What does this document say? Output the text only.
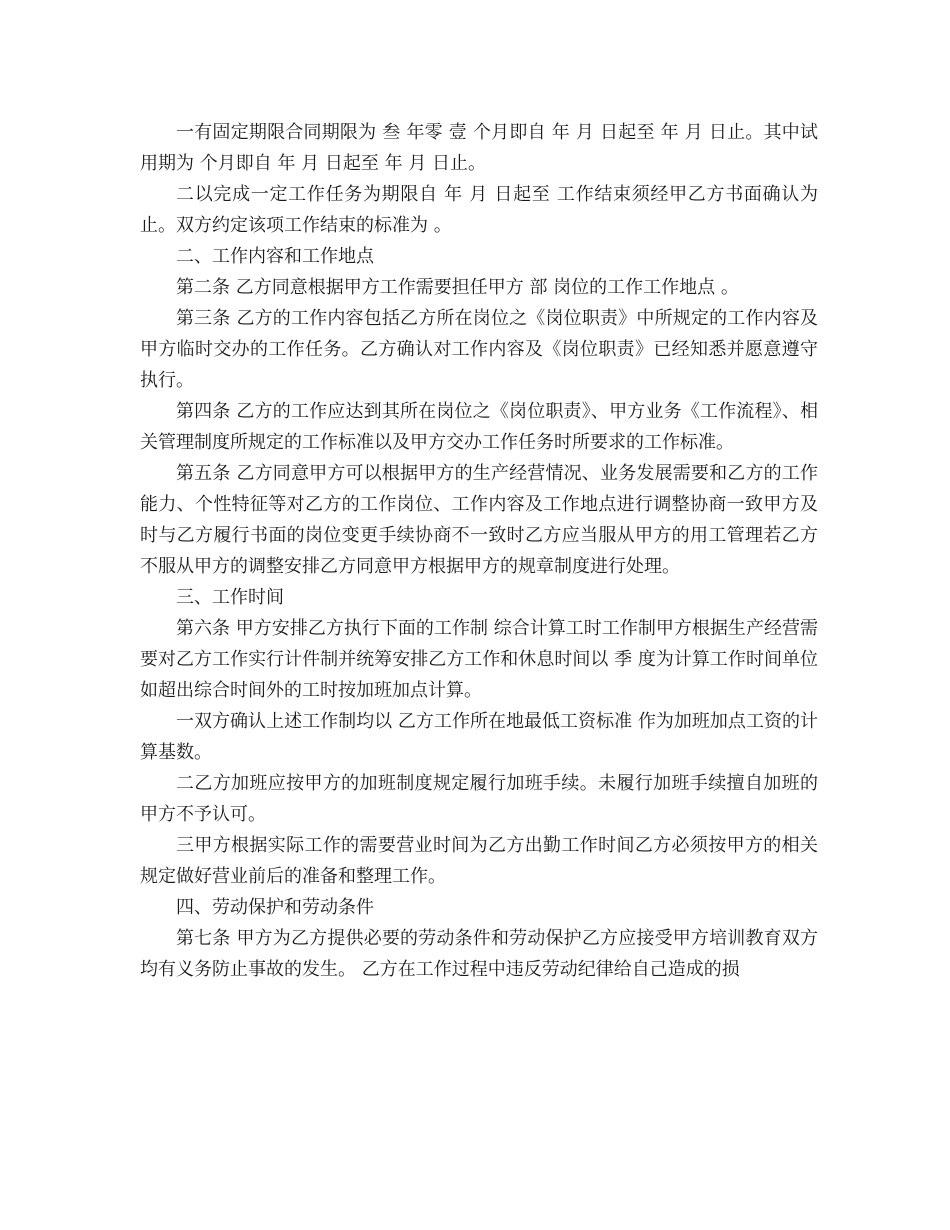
一有固定期限合同期限为 叁 年零 壹 个月即自 年 月 日起至 年 月 日止。其中试用期为 个月即自 年 月 日起至 年 月 日止。

二以完成一定工作任务为期限自 年 月 日起至 工作结束须经甲乙方书面确认为止。双方约定该项工作结束的标准为 。

二、工作内容和工作地点

第二条 乙方同意根据甲方工作需要担任甲方 部 岗位的工作工作地点 。

第三条 乙方的工作内容包括乙方所在岗位之《岗位职责》中所规定的工作内容及甲方临时交办的工作任务。乙方确认对工作内容及《岗位职责》已经知悉并愿意遵守执行。

第四条 乙方的工作应达到其所在岗位之《岗位职责》、甲方业务《工作流程》、相关管理制度所规定的工作标准以及甲方交办工作任务时所要求的工作标准。

第五条 乙方同意甲方可以根据甲方的生产经营情况、业务发展需要和乙方的工作能力、个性特征等对乙方的工作岗位、工作内容及工作地点进行调整协商一致甲方及时与乙方履行书面的岗位变更手续协商不一致时乙方应当服从甲方的用工管理若乙方不服从甲方的调整安排乙方同意甲方根据甲方的规章制度进行处理。

三、工作时间

第六条 甲方安排乙方执行下面的工作制 综合计算工时工作制甲方根据生产经营需要对乙方工作实行计件制并统筹安排乙方工作和休息时间以 季 度为计算工作时间单位如超出综合时间外的工时按加班加点计算。

一双方确认上述工作制均以 乙方工作所在地最低工资标准 作为加班加点工资的计算基数。

二乙方加班应按甲方的加班制度规定履行加班手续。未履行加班手续擅自加班的甲方不予认可。

三甲方根据实际工作的需要营业时间为乙方出勤工作时间乙方必须按甲方的相关规定做好营业前后的准备和整理工作。

四、劳动保护和劳动条件

第七条 甲方为乙方提供必要的劳动条件和劳动保护乙方应接受甲方培训教育双方均有义务防止事故的发生。 乙方在工作过程中违反劳动纪律给自己造成的损
